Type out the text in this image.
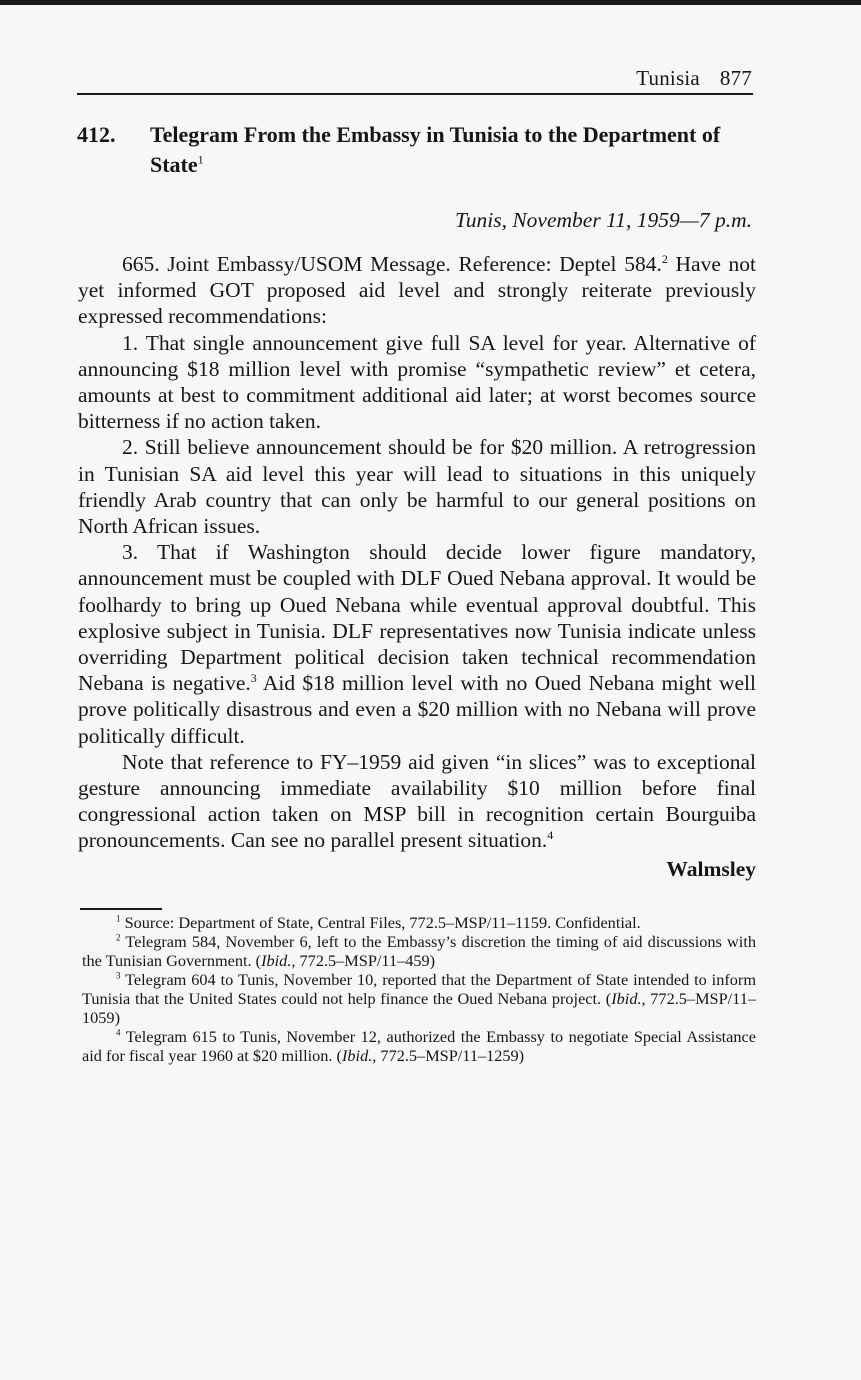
Tunisia 877
412. Telegram From the Embassy in Tunisia to the Department of State$^1$
Tunis, November 11, 1959—7 p.m.

665. Joint Embassy/USOM Message. Reference: Deptel 584.$^2$ Have not yet informed GOT proposed aid level and strongly reiterate previously expressed recommendations:

1. That single announcement give full SA level for year. Alternative of announcing $18 million level with promise “sympathetic review” et cetera, amounts at best to commitment additional aid later; at worst becomes source bitterness if no action taken.

2. Still believe announcement should be for $20 million. A retrogression in Tunisian SA aid level this year will lead to situations in this uniquely friendly Arab country that can only be harmful to our general positions on North African issues.

3. That if Washington should decide lower figure mandatory, announcement must be coupled with DLF Oued Nebana approval. It would be foolhardy to bring up Oued Nebana while eventual approval doubtful. This explosive subject in Tunisia. DLF representatives now Tunisia indicate unless overriding Department political decision taken technical recommendation Nebana is negative.$^3$ Aid $18 million level with no Oued Nebana might well prove politically disastrous and even a $20 million with no Nebana will prove politically difficult.

Note that reference to FY–1959 aid given “in slices” was to exceptional gesture announcing immediate availability $10 million before final congressional action taken on MSP bill in recognition certain Bourguiba pronouncements. Can see no parallel present situation.$^4$

Walmsley

$^1$ Source: Department of State, Central Files, 772.5–MSP/11–1159. Confidential.

$^2$ Telegram 584, November 6, left to the Embassy’s discretion the timing of aid discussions with the Tunisian Government. (Ibid., 772.5–MSP/11–459)

$^3$ Telegram 604 to Tunis, November 10, reported that the Department of State intended to inform Tunisia that the United States could not help finance the Oued Nebana project. (Ibid., 772.5–MSP/11–1059)

$^4$ Telegram 615 to Tunis, November 12, authorized the Embassy to negotiate Special Assistance aid for fiscal year 1960 at $20 million. (Ibid., 772.5–MSP/11–1259)
